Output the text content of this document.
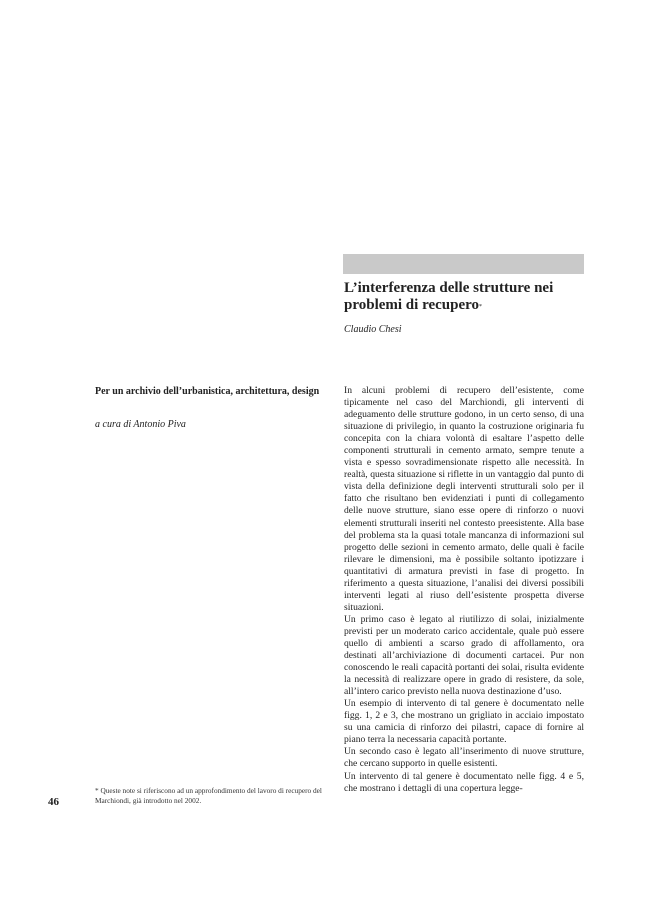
L’interferenza delle strutture nei problemi di recupero*
Claudio Chesi
Per un archivio dell’urbanistica, architettura, design
a cura di Antonio Piva

In alcuni problemi di recupero dell’esistente, come tipicamente nel caso del Marchiondi, gli interventi di adeguamento delle strutture godono, in un certo senso, di una situazione di privilegio, in quanto la costruzione originaria fu concepita con la chiara volontà di esaltare l’aspetto delle componenti strutturali in cemento armato, sempre tenute a vista e spesso sovradimensionate rispetto alle necessità. In realtà, questa situazione si riflette in un vantaggio dal punto di vista della definizione degli interventi strutturali solo per il fatto che risultano ben evidenziati i punti di collegamento delle nuove strutture, siano esse opere di rinforzo o nuovi elementi strutturali inseriti nel contesto preesistente. Alla base del problema sta la quasi totale mancanza di informazioni sul progetto delle sezioni in cemento armato, delle quali è facile rilevare le dimensioni, ma è possibile soltanto ipotizzare i quantitativi di armatura previsti in fase di progetto. In riferimento a questa situazione, l’analisi dei diversi possibili interventi legati al riuso dell’esistente prospetta diverse situazioni.

Un primo caso è legato al riutilizzo di solai, inizialmente previsti per un moderato carico accidentale, quale può essere quello di ambienti a scarso grado di affollamento, ora destinati all’archiviazione di documenti cartacei. Pur non conoscendo le reali capacità portanti dei solai, risulta evidente la necessità di realizzare opere in grado di resistere, da sole, all’intero carico previsto nella nuova destinazione d’uso.

Un esempio di intervento di tal genere è documentato nelle figg. 1, 2 e 3, che mostrano un grigliato in acciaio impostato su una camicia di rinforzo dei pilastri, capace di fornire al piano terra la necessaria capacità portante.

Un secondo caso è legato all’inserimento di nuove strutture, che cercano supporto in quelle esistenti.

Un intervento di tal genere è documentato nelle figg. 4 e 5, che mostrano i dettagli di una copertura legge-

* Queste note si riferiscono ad un approfondimento del lavoro di recupero del Marchiondi, già introdotto nel 2002.
46
